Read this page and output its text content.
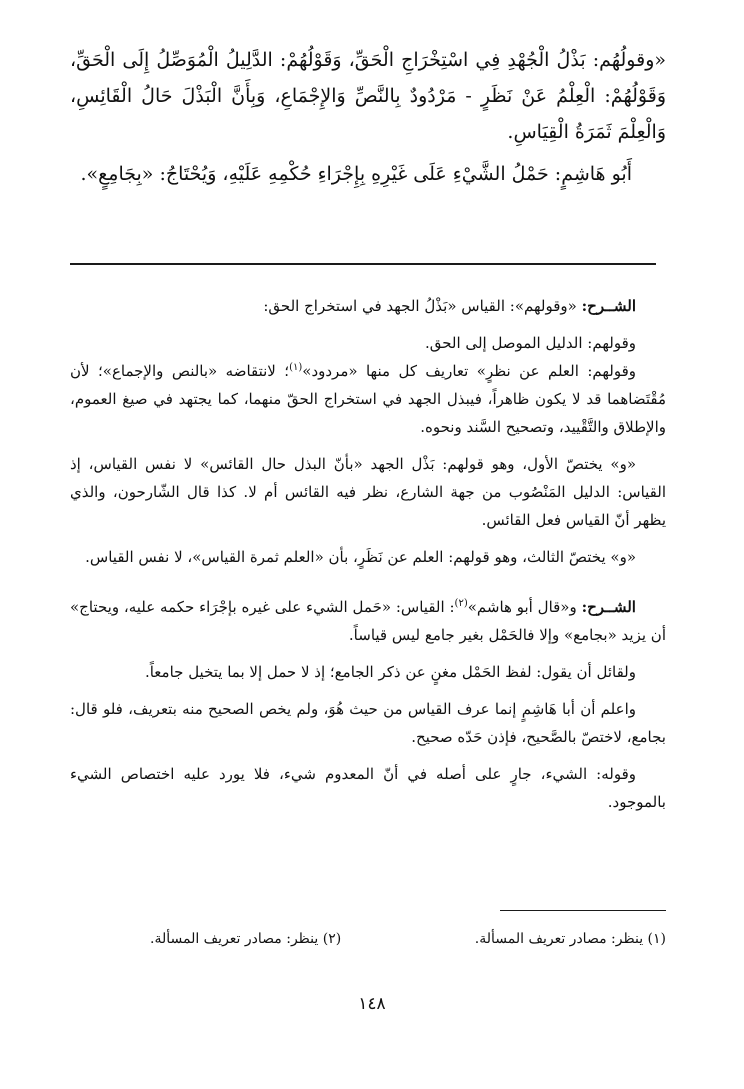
«وقولُهُم: بَذْلُ الْجُهْدِ فِي اسْتِخْرَاجِ الْحَقِّ، وَقَوْلُهُمْ: الدَّلِيلُ الْمُوَصِّلُ إِلَى الْحَقِّ، وَقَوْلُهُمْ: الْعِلْمُ عَنْ نَظَرٍ - مَرْدُودٌ بِالنَّصِّ وَالإِجْمَاعِ، وَبِأَنَّ الْبَذْلَ حَالُ الْقَائِسِ، وَالْعِلْمَ ثَمَرَةُ الْقِيَاسِ.

أَبُو هَاشِمٍ: حَمْلُ الشَّيْءِ عَلَى غَيْرِهِ بِإِجْرَاءِ حُكْمِهِ عَلَيْهِ، وَيُحْتَاجُ: «بِجَامِعٍ».

الشــرح: «وقولهم»: القياس «بَذْلُ الجهد في استخراج الحق:

وقولهم: الدليل الموصل إلى الحق.

وقولهم: العلم عن نظرٍ» تعاريف كل منها «مردود»$^{(١)}$؛ لانتقاضه «بالنص والإجماع»؛ لأن مُقْتَضاهما قد لا يكون ظاهراً، فيبذل الجهد في استخراج الحقّ منهما، كما يجتهد في صيغ العموم، والإطلاق والتَّقْييد، وتصحيح السَّند ونحوه.

«و» يختصّ الأول، وهو قولهم: بَذْل الجهد «بأنّ البذل حال القائس» لا نفس القياس، إذ القياس: الدليل المَنْصُوب من جهة الشارع، نظر فيه القائس أم لا. كذا قال الشّارحون، والذي يظهر أنّ القياس فعل القائس.

«و» يختصّ الثالث، وهو قولهم: العلم عن نَظَرٍ، بأن «العلم ثمرة القياس»، لا نفس القياس.

الشــرح: و«قال أبو هاشم»$^{(٢)}$: القياس: «حَمل الشيء على غيره بإجْرَاء حكمه عليه، ويحتاج» أن يزيد «بجامع» وإلا فالحَمْل بغير جامع ليس قياساً.

ولقائل أن يقول: لفظ الحَمْل مغنٍ عن ذكر الجامع؛ إذ لا حمل إلا بما يتخيل جامعاً.

واعلم أن أبا هَاشِمٍ إنما عرف القياس من حيث هُوَ، ولم يخص الصحيح منه بتعريف، فلو قال: بجامع، لاختصّ بالصَّحيح، فإذن حَدّه صحيح.

وقوله: الشيء، جارٍ على أصله في أنّ المعدوم شيء، فلا يورد عليه اختصاص الشيء بالموجود.

(١) ينظر: مصادر تعريف المسألة.
(٢) ينظر: مصادر تعريف المسألة.
١٤٨
